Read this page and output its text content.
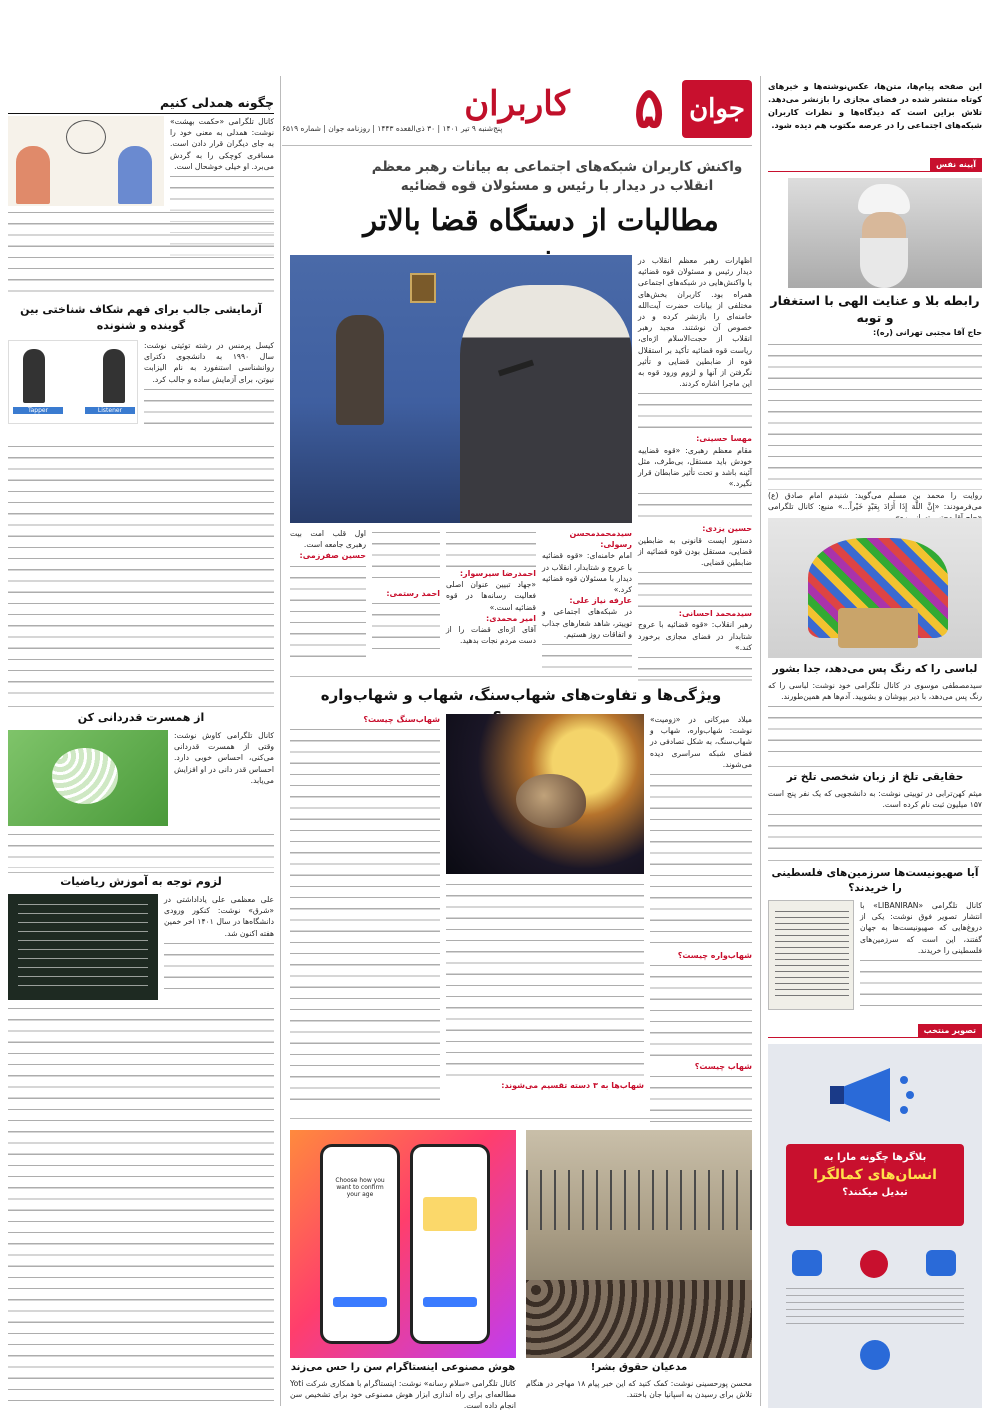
جوان
۵
کاربران
پنج‌شنبه ۹ تیر ۱۴۰۱ | ۳۰ ذی‌القعده ۱۴۴۳ | روزنامه جوان | شماره ۶۵۱۹
واکنش کاربران شبکه‌های اجتماعی به بیانات رهبر معظم انقلاب در دیدار با رئیس و مسئولان قوه قضائیه
مطالبات از دستگاه قضا بالاتر
اظهارات رهبر معظم انقلاب در دیدار رئیس و مسئولان قوه قضائیه با واکنش‌هایی در شبکه‌های اجتماعی همراه بود. کاربران بخش‌های مختلفی از بیانات حضرت آیت‌الله خامنه‌ای را بازنشر کرده و در خصوص آن نوشتند. مجید رهبر انقلاب از حجت‌الاسلام اژه‌ای، ریاست قوه قضائیه تأکید بر استقلال قوه از ضابطین قضایی و تأثیر نگرفتن از آنها و لزوم ورود قوه به این ماجرا اشاره کردند.
مهسا حسینی:
مقام معظم رهبری: «قوه قضاییه خودش باید مستقل، بی‌طرف، مثل آئینه باشد و تحت تأثیر ضابطان قرار نگیرد.»
حسین یزدی:
دستور ایست قانونی به ضابطین قضایی، مستقل بودن قوه قضائیه از ضابطین قضایی.
سیدمحمد احسانی:
رهبر انقلاب: «قوه قضائیه با عروج شتابدار در فضای مجازی برخورد کند.»
سیدمحمدمحسن رسولی:
امام خامنه‌ای: «قوه قضائیه با عروج و شتابدار، انقلاب در دیدار با مسئولان قوه قضائیه کرد.»
عارفه نیاز علی:
در شبکه‌های اجتماعی و توییتر، شاهد شعارهای جذاب و اتفاقات روز هستیم.
احمدرضا سیرسوار:
«جهاد تبیین عنوان اصلی فعالیت رسانه‌ها در قوه قضائیه است.»
امیر محمدی:
آقای اژه‌ای قضات را از دست مردم نجات بدهید.
احمد رستمی:
اول قلب امت بیت رهبری جامعه است.
حسین صفرزمی:
ویژگی‌ها و تفاوت‌های شهاب‌سنگ، شهاب و شهاب‌واره
میلاد میرکانی در «زومیت» نوشت: شهاب‌واره، شهاب و شهاب‌سنگ، به شکل تصادفی در فضای شبکه سراسری دیده می‌شوند.
شهاب‌واره چیست؟
شهاب چیست؟
شهاب‌ها به ۳ دسته تقسیم می‌شوند:
شهاب‌سنگ چیست؟
مدعیان حقوق بشر!
محسن پورحسینی نوشت: کمک کنید که این خبر پیام ۱۸ مهاجر در هنگام تلاش برای رسیدن به اسپانیا جان باختند.
Choose how you want to confirm your age
هوش مصنوعی اینستاگرام سن را حس می‌زند
کانال تلگرامی «سلام رسانه» نوشت: اینستاگرام با همکاری شرکت Yoti مطالعه‌ای برای راه اندازی ابزار هوش مصنوعی خود برای تشخیص سن انجام داده است.
این صفحه پیام‌ها، متن‌ها، عکس‌نوشته‌ها و خبرهای کوتاه منتشر شده در فضای مجازی را بازنشر می‌دهد. تلاش براین است که دیدگاه‌ها و نظرات کاربران شبکه‌های اجتماعی را در عرصه مکتوب هم دیده شود.
آیینه نفس
رابطه بلا و عنایت الهی با استغفار و توبه
حاج آقا مجتبی تهرانی (ره):
روایت را محمد بن مسلم می‌گوید: شنیدم امام صادق (ع) می‌فرمودند: «إِنَّ اللَّهَ إِذَا أَرَادَ بِعَبْدٍ خَيْراً...» منبع: کانال تلگرامی
لباسی را که رنگ پس می‌دهد، جدا بشور
سیدمصطفی موسوی در کانال تلگرامی خود نوشت: لباسی را که رنگ پس می‌دهد، با دیر بپوشان و بشویید. آدم‌ها هم همین‌طورند.
حقایقی تلخ از زبان شخصی تلخ تر
میثم کهن‌ترابی در توییتی نوشت: به دانشجویی که یک نفر پنج است ۱۵۷ میلیون ثبت نام کرده است.
آیا صهیونیست‌ها سرزمین‌های فلسطینی را خریدند؟
کانال تلگرامی «LIBANIRAN» با انتشار تصویر فوق نوشت: یکی از دروغ‌هایی که صهیونیست‌ها به جهان گفتند، این است که سرزمین‌های فلسطینی را خریدند.
تصویر منتخب
بلاگرها چگونه مارا به
انسان‌های کمالگرا
تبدیل میکنند؟
چگونه همدلی کنیم
کانال تلگرامی «حکمت بهشت» نوشت: همدلی به معنی خود را به جای دیگران قرار دادن است. مسافری کوچکی را به گردش می‌برد. او خیلی خوشحال است.
آزمایشی جالب برای فهم شکاف شناختی بین گوینده و شنونده
Tapper	Listener
کیسل پرمنس در رشته توئیتی نوشت: سال ۱۹۹۰ به دانشجوی دکترای روانشناسی استنفورد به نام الیزابت نیوتن، برای آزمایش ساده و جالب کرد.
از همسرت قدردانی کن
کانال تلگرامی کاوش نوشت: وقتی از همسرت قدردانی می‌کنی، احساس خوبی دارد. احساس قدر دانی در او افزایش می‌یابد.
لزوم توجه به آموزش ریاضیات
علی معظمی علی یاداداشتی در «شرق» نوشت: کنکور ورودی دانشگاه‌ها در سال ۱۴۰۱ اخر خمین هفته اکنون شد.
